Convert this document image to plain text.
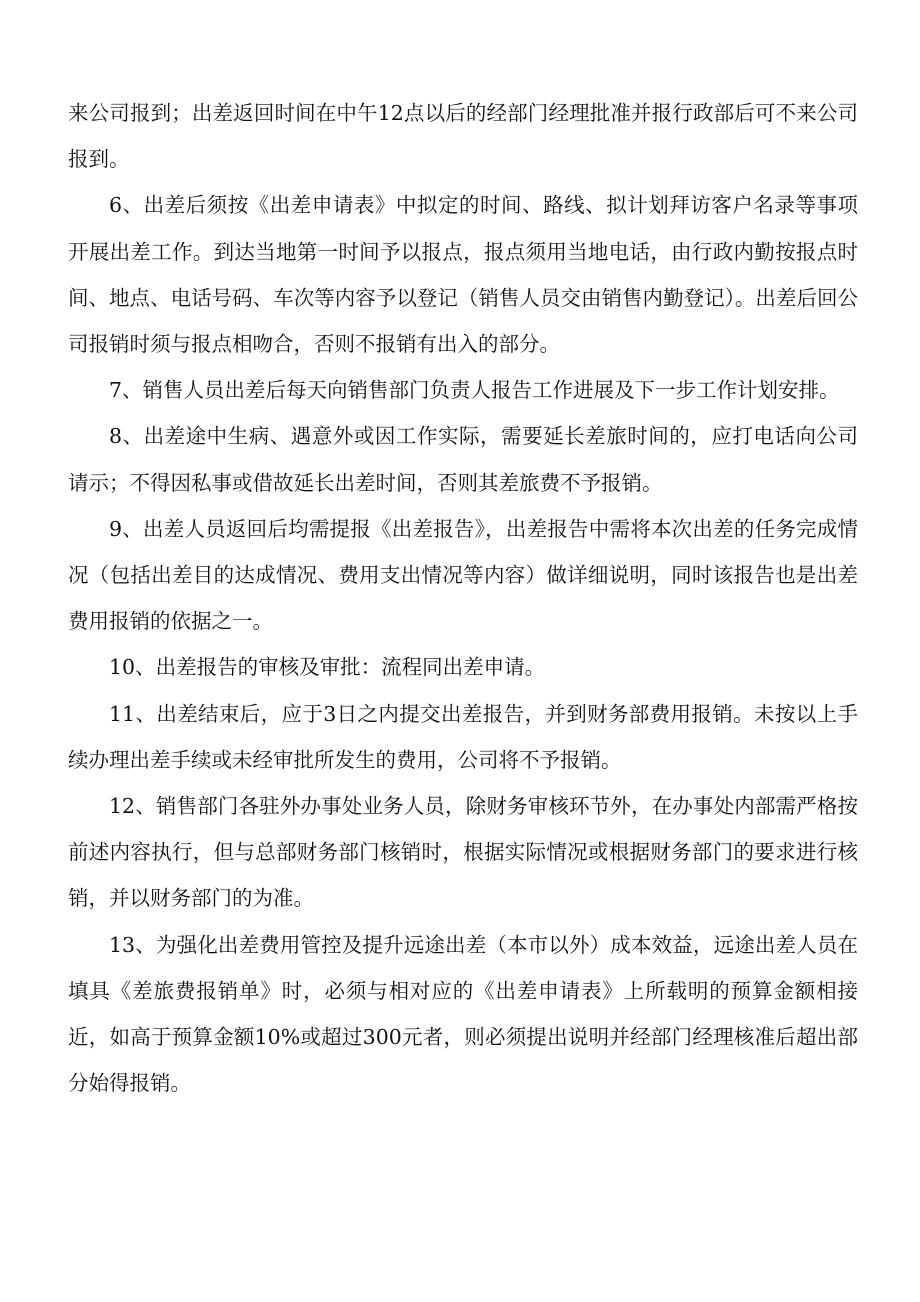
来公司报到；出差返回时间在中午12点以后的经部门经理批准并报行政部后可不来公司报到。

6、出差后须按《出差申请表》中拟定的时间、路线、拟计划拜访客户名录等事项开展出差工作。到达当地第一时间予以报点，报点须用当地电话，由行政内勤按报点时间、地点、电话号码、车次等内容予以登记（销售人员交由销售内勤登记）。出差后回公司报销时须与报点相吻合，否则不报销有出入的部分。

7、销售人员出差后每天向销售部门负责人报告工作进展及下一步工作计划安排。

8、出差途中生病、遇意外或因工作实际，需要延长差旅时间的，应打电话向公司请示；不得因私事或借故延长出差时间，否则其差旅费不予报销。

9、出差人员返回后均需提报《出差报告》，出差报告中需将本次出差的任务完成情况（包括出差目的达成情况、费用支出情况等内容）做详细说明，同时该报告也是出差费用报销的依据之一。

10、出差报告的审核及审批：流程同出差申请。

11、出差结束后，应于3日之内提交出差报告，并到财务部费用报销。未按以上手续办理出差手续或未经审批所发生的费用，公司将不予报销。

12、销售部门各驻外办事处业务人员，除财务审核环节外，在办事处内部需严格按前述内容执行，但与总部财务部门核销时，根据实际情况或根据财务部门的要求进行核销，并以财务部门的为准。

13、为强化出差费用管控及提升远途出差（本市以外）成本效益，远途出差人员在填具《差旅费报销单》时，必须与相对应的《出差申请表》上所载明的预算金额相接近，如高于预算金额10%或超过300元者，则必须提出说明并经部门经理核准后超出部分始得报销。
